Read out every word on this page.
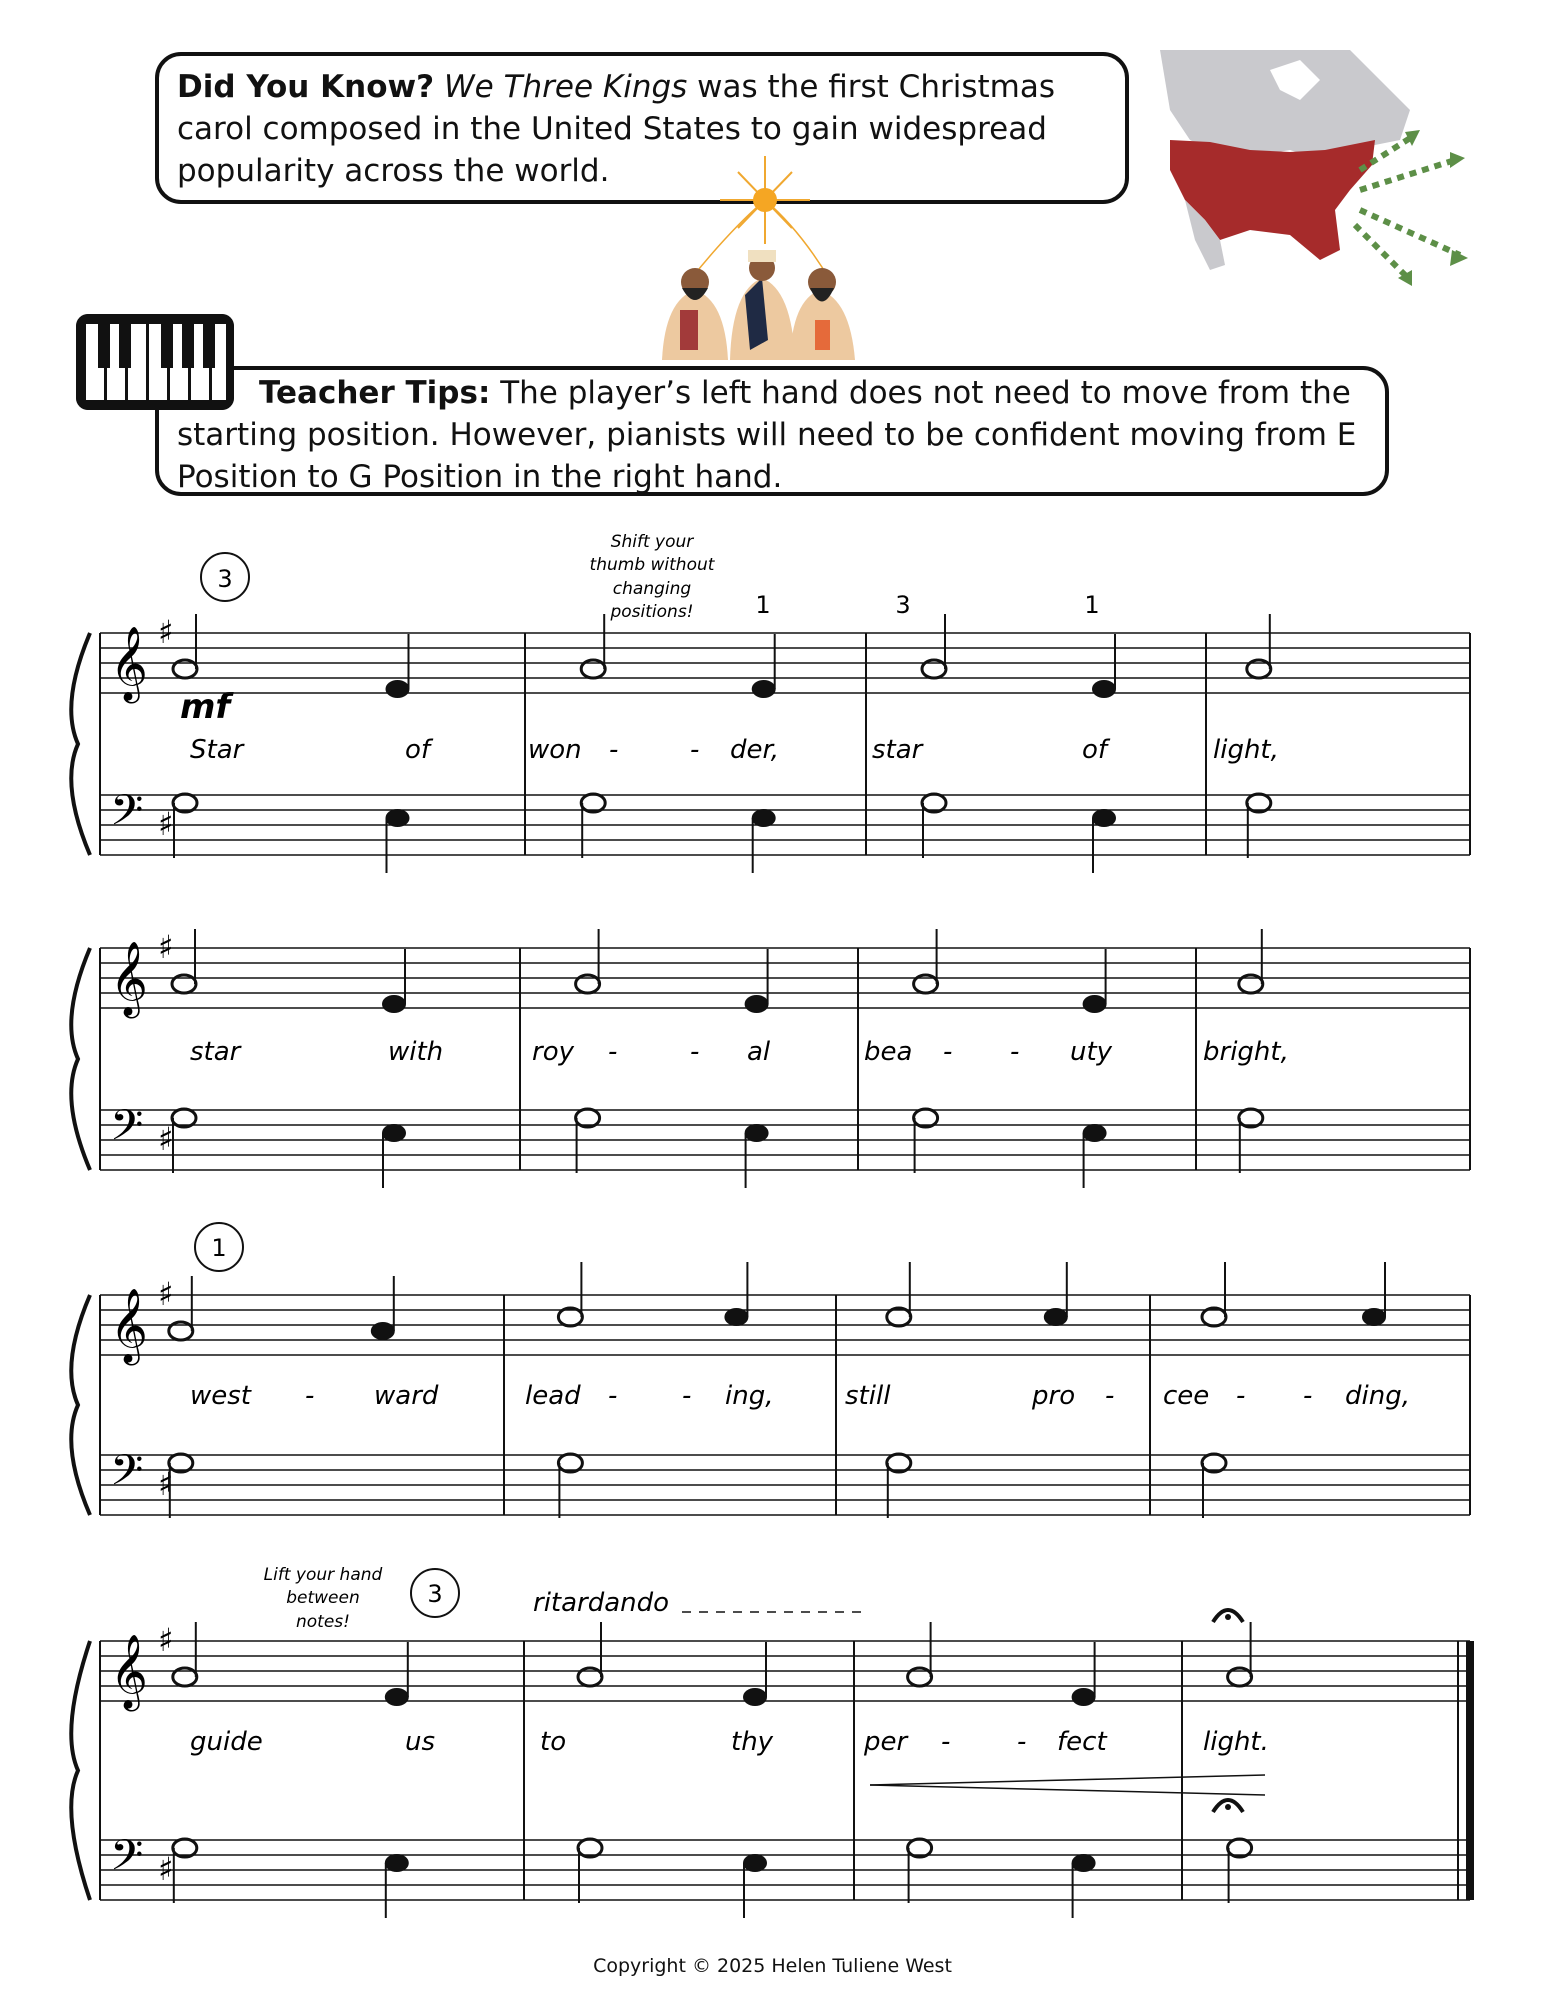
Did You Know? We Three Kings was the first Christmas carol composed in the United States to gain widespread popularity across the world.

Teacher Tips: The player’s left hand does not need to move from the starting position. However, pianists will need to be confident moving from E Position to G Position in the right hand.

3
Shift your
thumb without
changing
positions!	1	3	1
mf
1
Lift your hand
between
notes!
3	ritardando
𝄞
𝄢
♯
♯
𝄞
𝄢
♯
♯
𝄞
𝄢
♯
♯
𝄞
𝄢
♯
♯
Star	of	won -	- der,	star	of	light,
star	with	roy -	- al	bea - - uty	bright,
west - ward	lead - - ing,	still	pro - cee - - ding,
guide	us	to	thy	per -	- fect	light.
Copyright © 2025 Helen Tuliene West
